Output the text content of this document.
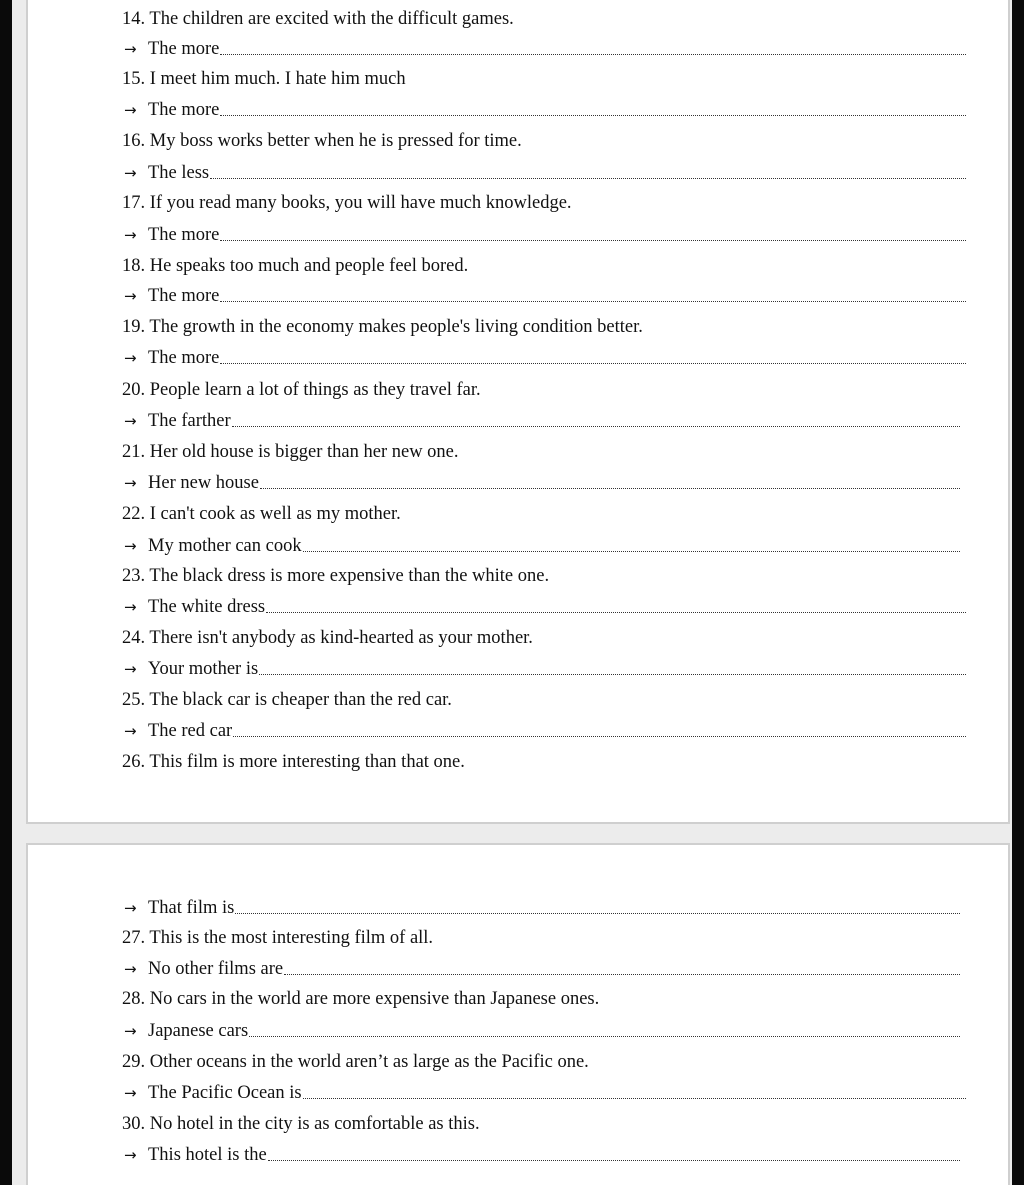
14. The children are excited with the difficult games.
→ The more
15. I meet him much. I hate him much
→ The more
16. My boss works better when he is pressed for time.
→ The less
17. If you read many books, you will have much knowledge.
→ The more
18. He speaks too much and people feel bored.
→ The more
19. The growth in the economy makes people's living condition better.
→ The more
20. People learn a lot of things as they travel far.
→ The farther
21. Her old house is bigger than her new one.
→ Her new house
22. I can't cook as well as my mother.
→ My mother can cook
23. The black dress is more expensive than the white one.
→ The white dress
24. There isn't anybody as kind-hearted as your mother.
→ Your mother is
25. The black car is cheaper than the red car.
→ The red car
26. This film is more interesting than that one.
→ That film is
27. This is the most interesting film of all.
→ No other films are
28. No cars in the world are more expensive than Japanese ones.
→ Japanese cars
29. Other oceans in the world aren’t as large as the Pacific one.
→ The Pacific Ocean is
30. No hotel in the city is as comfortable as this.
→ This hotel is the
